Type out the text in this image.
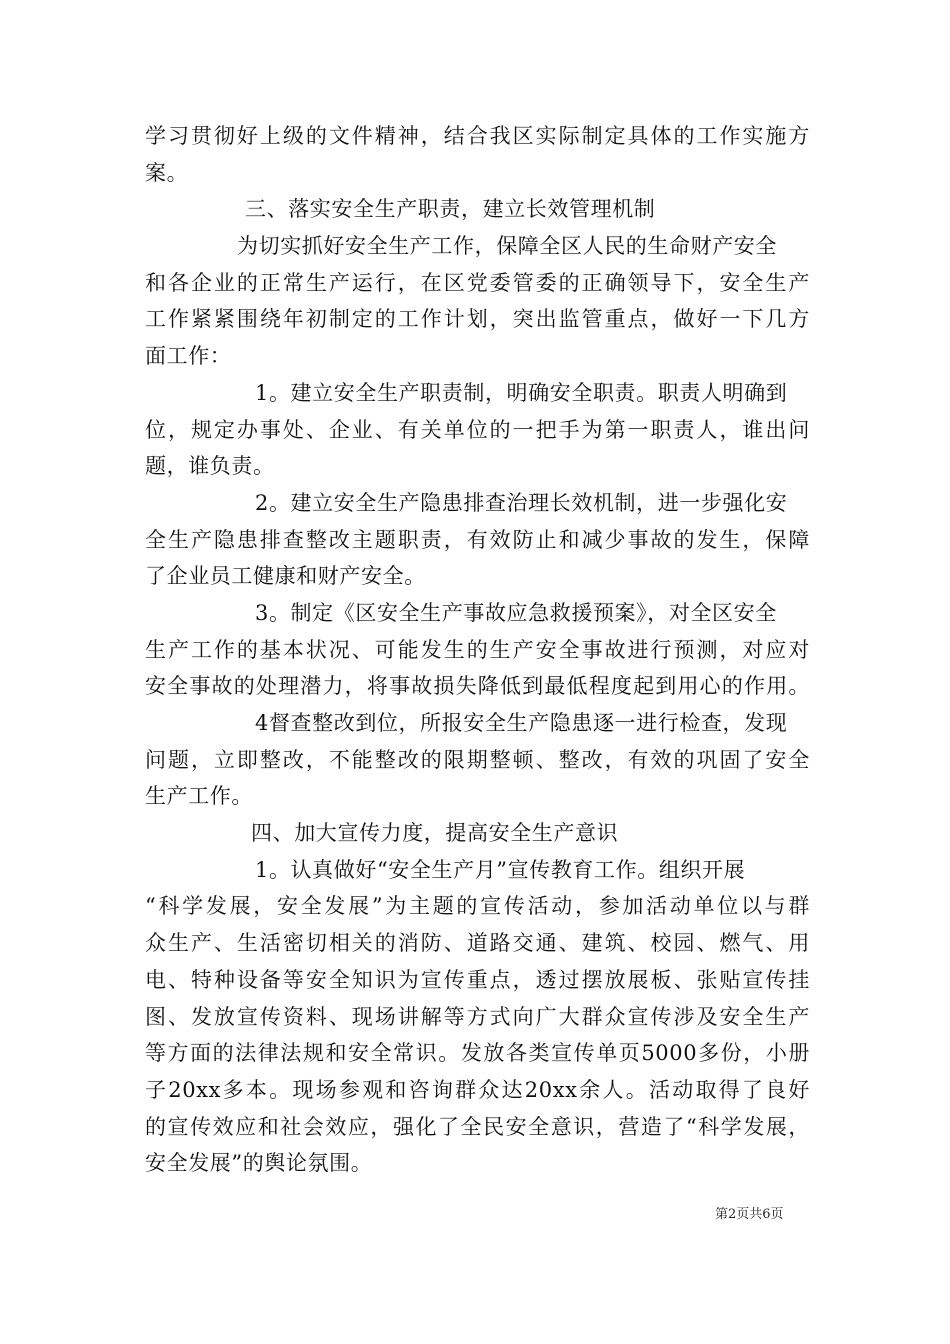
学习贯彻好上级的文件精神，结合我区实际制定具体的工作实施方
案。
三、落实安全生产职责，建立长效管理机制
为切实抓好安全生产工作，保障全区人民的生命财产安全
和各企业的正常生产运行，在区党委管委的正确领导下，安全生产
工作紧紧围绕年初制定的工作计划，突出监管重点，做好一下几方
面工作：
1。建立安全生产职责制，明确安全职责。职责人明确到
位，规定办事处、企业、有关单位的一把手为第一职责人，谁出问
题，谁负责。
2。建立安全生产隐患排查治理长效机制，进一步强化安
全生产隐患排查整改主题职责，有效防止和减少事故的发生，保障
了企业员工健康和财产安全。
3。制定《区安全生产事故应急救援预案》，对全区安全
生产工作的基本状况、可能发生的生产安全事故进行预测，对应对
安全事故的处理潜力，将事故损失降低到最低程度起到用心的作用。
4督查整改到位，所报安全生产隐患逐一进行检查，发现
问题，立即整改，不能整改的限期整顿、整改，有效的巩固了安全
生产工作。
四、加大宣传力度，提高安全生产意识
1。认真做好“安全生产月”宣传教育工作。组织开展
“科学发展，安全发展”为主题的宣传活动，参加活动单位以与群
众生产、生活密切相关的消防、道路交通、建筑、校园、燃气、用
电、特种设备等安全知识为宣传重点，透过摆放展板、张贴宣传挂
图、发放宣传资料、现场讲解等方式向广大群众宣传涉及安全生产
等方面的法律法规和安全常识。发放各类宣传单页5000多份，小册
子20xx多本。现场参观和咨询群众达20xx余人。活动取得了良好
的宣传效应和社会效应，强化了全民安全意识，营造了“科学发展，
安全发展”的舆论氛围。
第2页共6页
